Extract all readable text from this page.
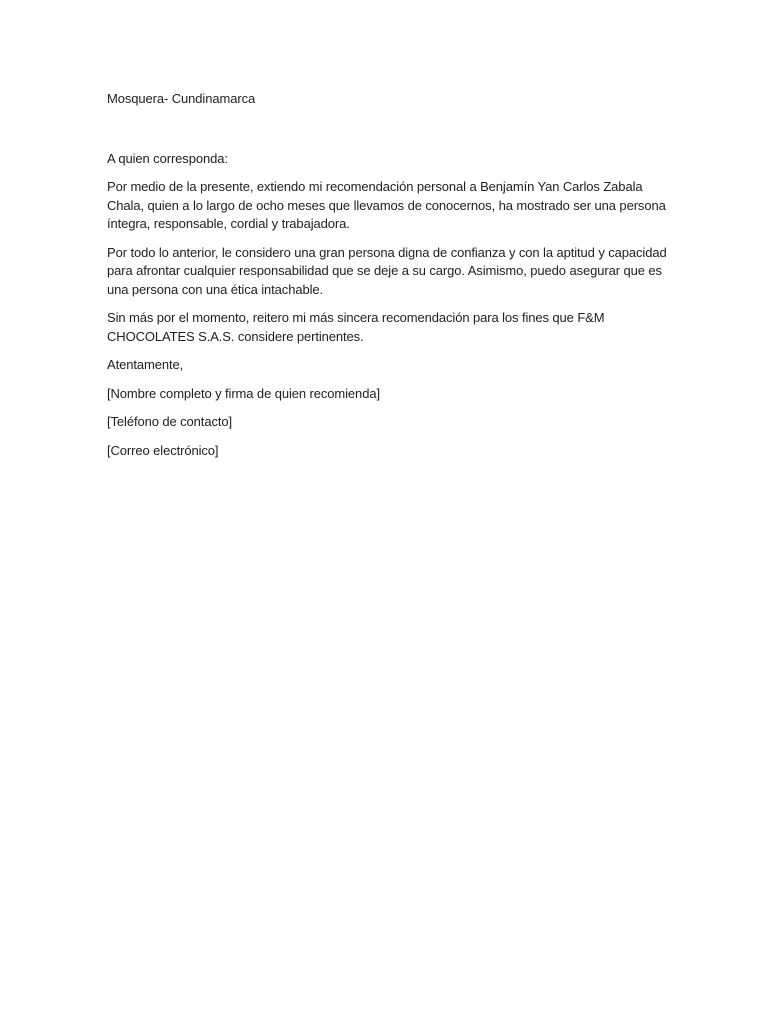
Mosquera- Cundinamarca

A quien corresponda:

Por medio de la presente, extiendo mi recomendación personal a Benjamín Yan Carlos Zabala Chala, quien a lo largo de ocho meses que llevamos de conocernos, ha mostrado ser una persona íntegra, responsable, cordial y trabajadora.

Por todo lo anterior, le considero una gran persona digna de confianza y con la aptitud y capacidad para afrontar cualquier responsabilidad que se deje a su cargo. Asimismo, puedo asegurar que es una persona con una ética intachable.

Sin más por el momento, reitero mi más sincera recomendación para los fines que F&M CHOCOLATES S.A.S. considere pertinentes.

Atentamente,

[Nombre completo y firma de quien recomienda]

[Teléfono de contacto]

[Correo electrónico]
